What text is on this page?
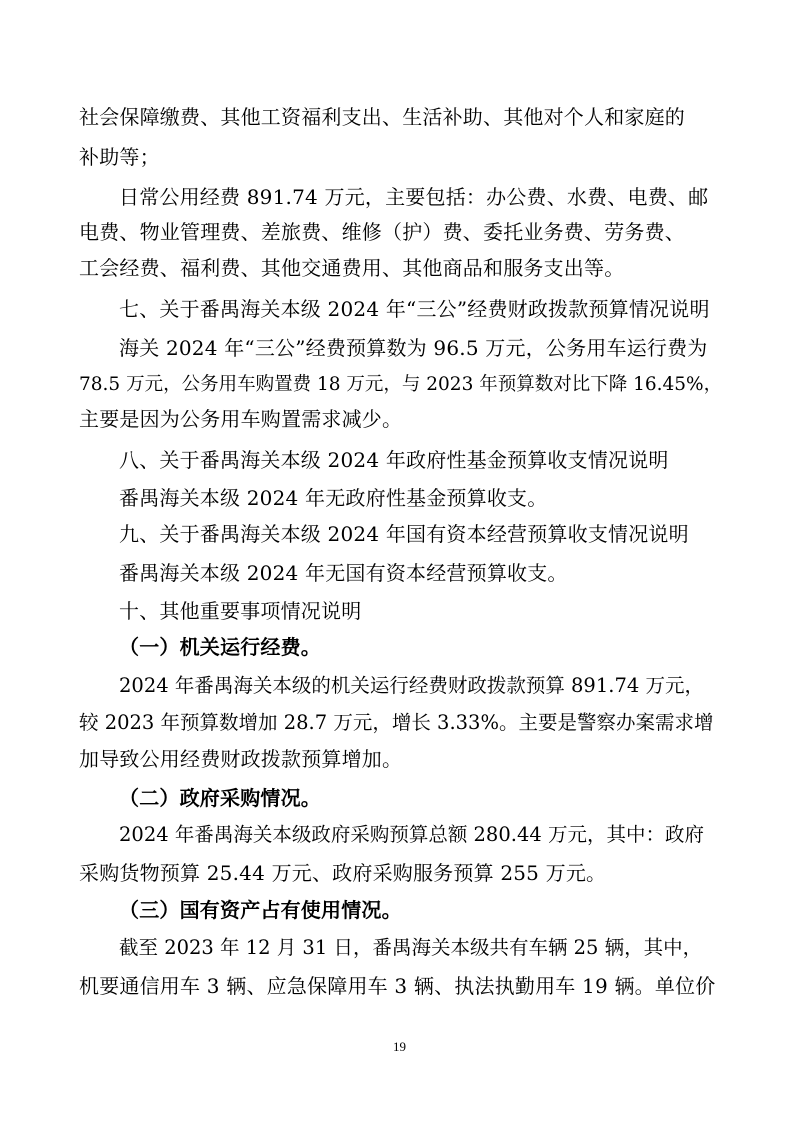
社会保障缴费、其他工资福利支出、生活补助、其他对个人和家庭的
补助等；
日常公用经费 891.74 万元，主要包括：办公费、水费、电费、邮
电费、物业管理费、差旅费、维修（护）费、委托业务费、劳务费、
工会经费、福利费、其他交通费用、其他商品和服务支出等。
七、关于番禺海关本级 2024 年“三公”经费财政拨款预算情况说明
海关 2024 年“三公”经费预算数为 96.5 万元，公务用车运行费为
78.5 万元，公务用车购置费 18 万元，与 2023 年预算数对比下降 16.45%，
主要是因为公务用车购置需求减少。
八、关于番禺海关本级 2024 年政府性基金预算收支情况说明
番禺海关本级 2024 年无政府性基金预算收支。
九、关于番禺海关本级 2024 年国有资本经营预算收支情况说明
番禺海关本级 2024 年无国有资本经营预算收支。
十、其他重要事项情况说明
（一）机关运行经费。
2024 年番禺海关本级的机关运行经费财政拨款预算 891.74 万元，
较 2023 年预算数增加 28.7 万元，增长 3.33%。主要是警察办案需求增
加导致公用经费财政拨款预算增加。
（二）政府采购情况。
2024 年番禺海关本级政府采购预算总额 280.44 万元，其中：政府
采购货物预算 25.44 万元、政府采购服务预算 255 万元。
（三）国有资产占有使用情况。
截至 2023 年 12 月 31 日，番禺海关本级共有车辆 25 辆，其中，
机要通信用车 3 辆、应急保障用车 3 辆、执法执勤用车 19 辆。单位价
19
